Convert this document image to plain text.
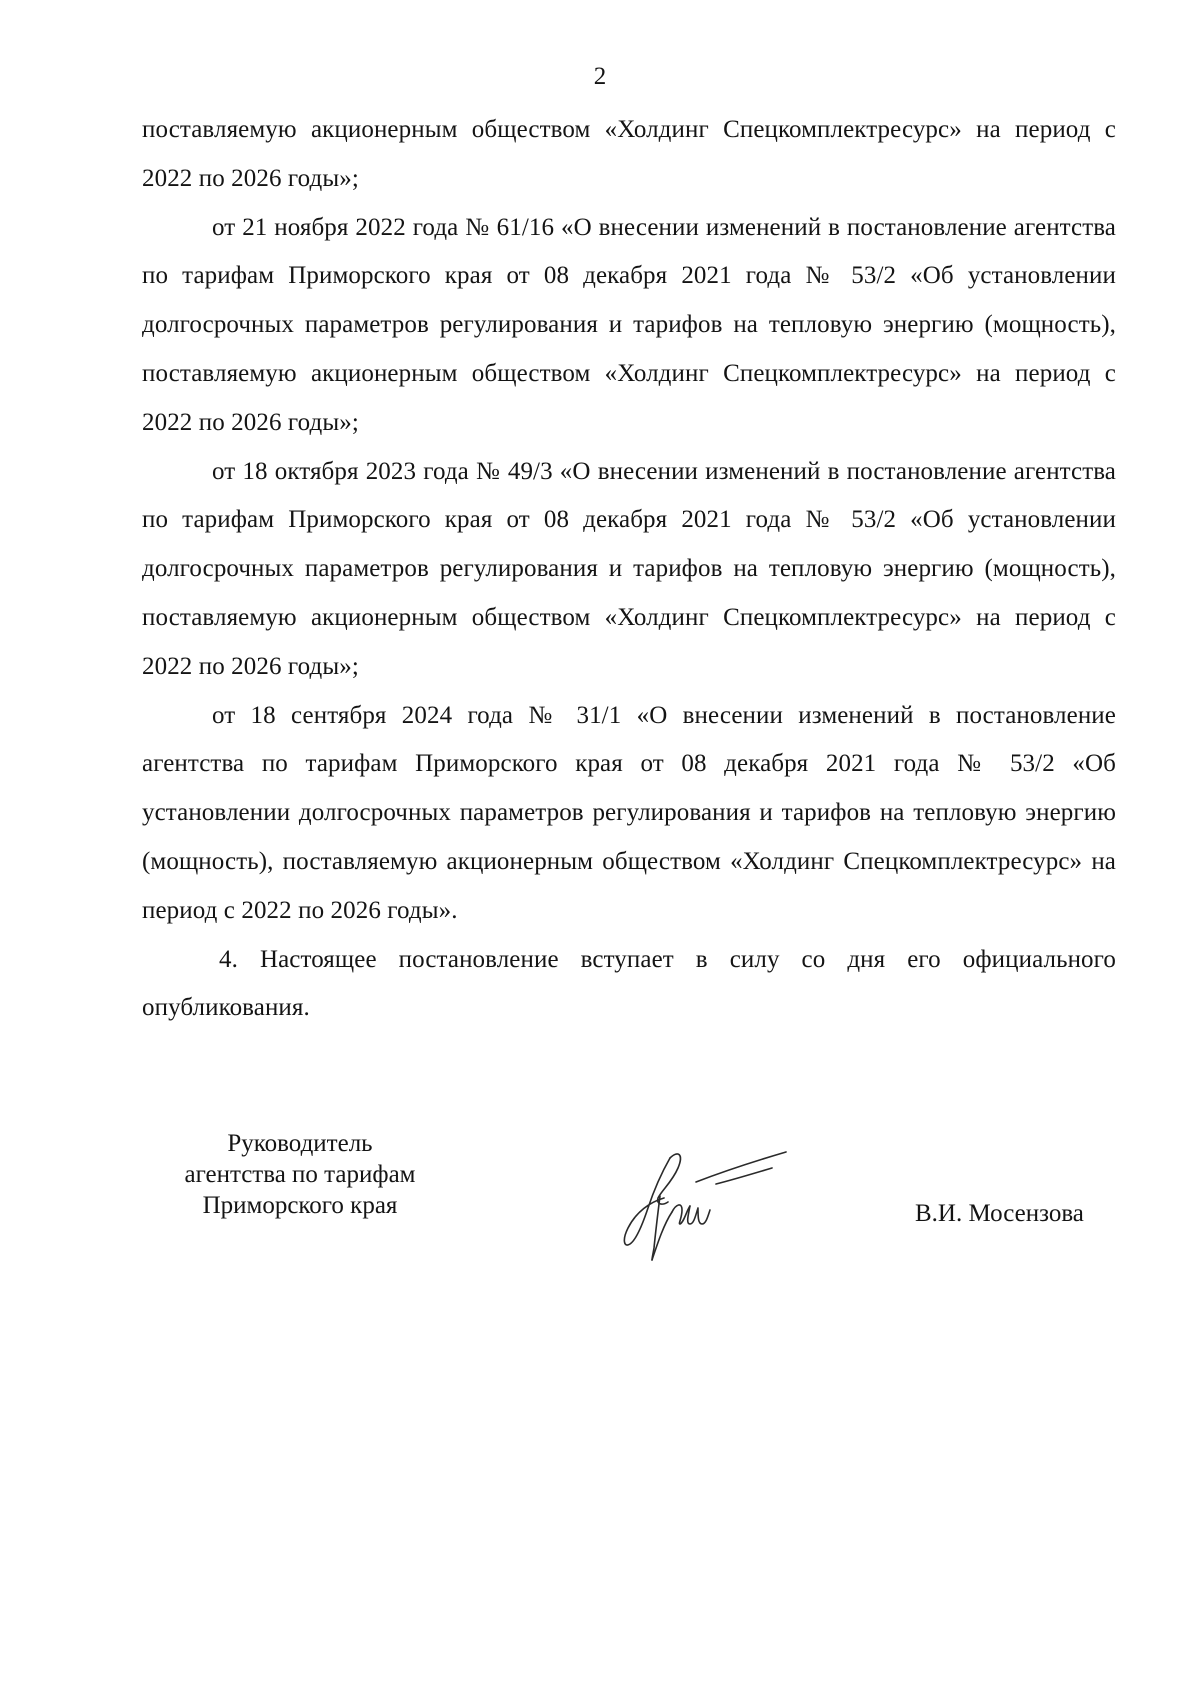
2

поставляемую акционерным обществом «Холдинг Спецкомплектресурс» на период с 2022 по 2026 годы»;

от 21 ноября 2022 года № 61/16 «О внесении изменений в постановление агентства по тарифам Приморского края от 08 декабря 2021 года № 53/2 «Об установлении долгосрочных параметров регулирования и тарифов на тепловую энергию (мощность), поставляемую акционерным обществом «Холдинг Спецкомплектресурс» на период с 2022 по 2026 годы»;

от 18 октября 2023 года № 49/3 «О внесении изменений в постановление агентства по тарифам Приморского края от 08 декабря 2021 года № 53/2 «Об установлении долгосрочных параметров регулирования и тарифов на тепловую энергию (мощность), поставляемую акционерным обществом «Холдинг Спецкомплектресурс» на период с 2022 по 2026 годы»;

от 18 сентября 2024 года № 31/1 «О внесении изменений в постановление агентства по тарифам Приморского края от 08 декабря 2021 года № 53/2 «Об установлении долгосрочных параметров регулирования и тарифов на тепловую энергию (мощность), поставляемую акционерным обществом «Холдинг Спецкомплектресурс» на период с 2022 по 2026 годы».

4. Настоящее постановление вступает в силу со дня его официального опубликования.

Руководитель
агентства по тарифам
Приморского края	В.И. Мосензова
